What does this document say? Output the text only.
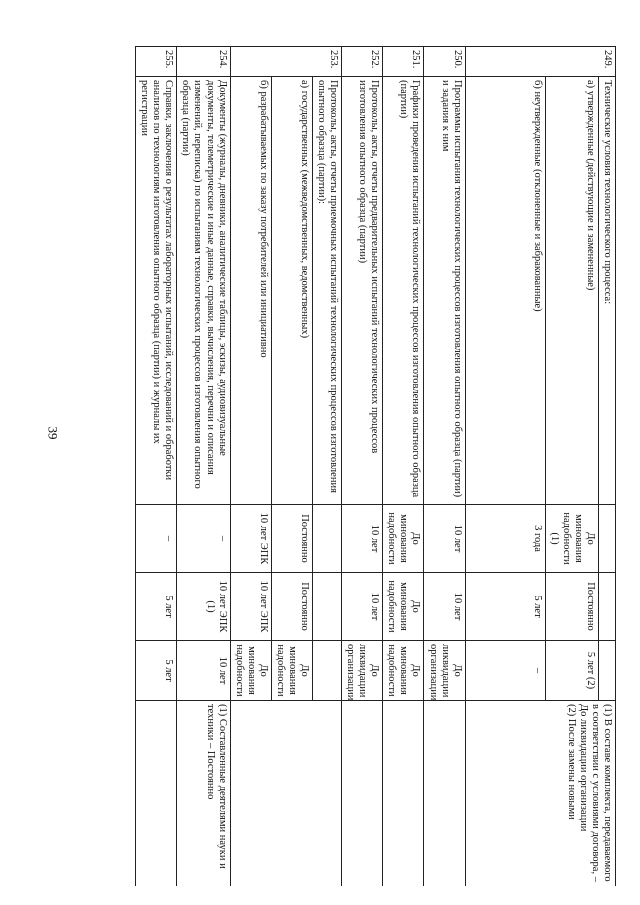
39
249.	Технические условия технологического процесса:				(1) В составе комплекта, передаваемого в соответствии с условиями договора, – До ликвидации организации
(2) После замены новыми
	а) утвержденные (действующие и замененные)	До минования надобности (1)	Постоянно	5 лет (2)	
	б) неутвержденные (отклоненные и забракованные)	3 года	5 лет	–	
250.	Программы испытания технологических процессов изготовления опытного образца (партии) и задания к ним	10 лет	10 лет	До ликвидации организации	
251.	Графики проведения испытаний технологических процессов изготовления опытного образца (партии)	До минования надобности	До минования надобности	До минования надобности	
252.	Протоколы, акты, отчеты предварительных испытаний технологических процессов изготовления опытного образца (партии)	10 лет	10 лет	До ликвидации организации	
253.	Протоколы, акты, отчеты приемочных испытаний технологических процессов изготовления опытного образца (партии):				
	а) государственных (межведомственных, ведомственных)	Постоянно	Постоянно	До минования надобности	
	б) разрабатываемых по заказу потребителей или инициативно	10 лет ЭПК	10 лет ЭПК	До минования надобности	
254.	Документы (журналы, дневники, аналитические таблицы, эскизы, аудиовизуальные документы, телеметрические и иные данные, справки, вычисления, перечни и описания изменений, переписка) по испытаниям технологических процессов изготовления опытного образца (партии)	–	10 лет ЭПК (1)	10 лет	(1) Составленные деятелями науки и техники – Постоянно
255.	Справки, заключения о результатах лабораторных испытаний, исследований и обработки анализов по технологиям изготовления опытного образца (партии) и журналы их регистрации	–	5 лет	5 лет	
